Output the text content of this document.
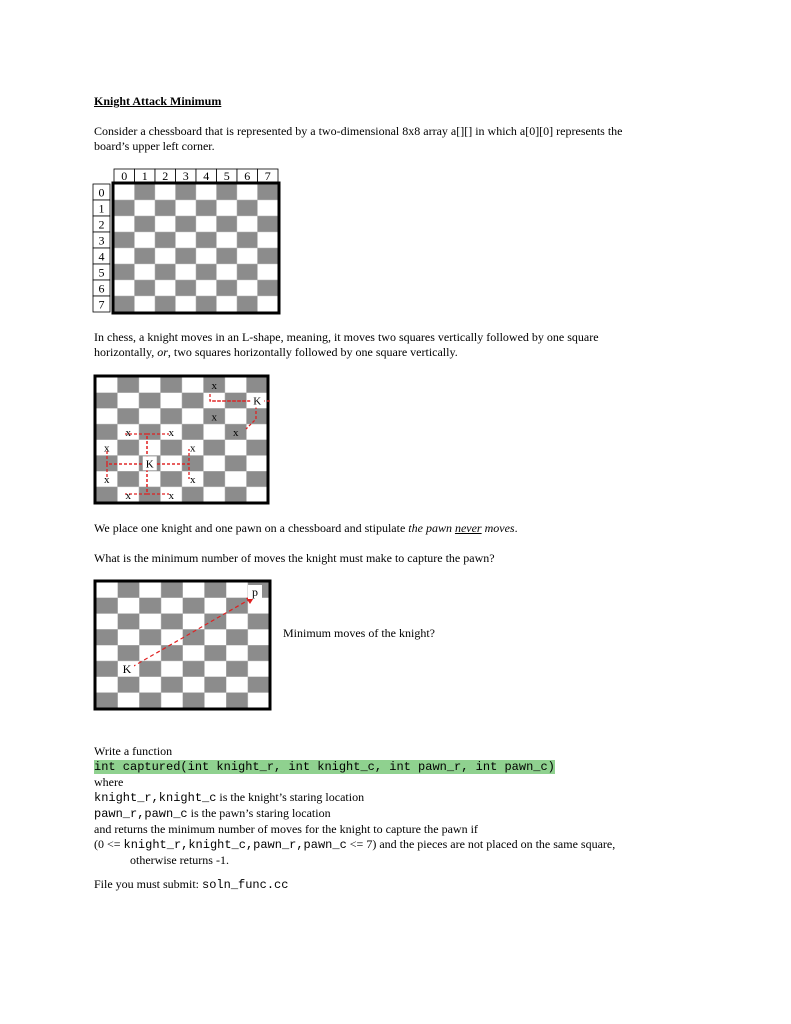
Knight Attack Minimum
Consider a chessboard that is represented by a two-dimensional 8x8 array a[][] in which a[0][0] represents the
board’s upper left corner.
0 1 2 3 4 5 6 7
0
1
2
3
4
5
6
7
In chess, a knight moves in an L-shape, meaning, it moves two squares vertically followed by one square
horizontally, or, two squares horizontally followed by one square vertically.
K
x
x
x
K
x	x
x	x
x
x
x
x
We place one knight and one pawn on a chessboard and stipulate the pawn never moves.
What is the minimum number of moves the knight must make to capture the pawn?
K
p
Minimum moves of the knight?
Write a function
int captured(int knight_r, int knight_c, int pawn_r, int pawn_c)
where
knight_r,knight_c is the knight’s staring location
pawn_r,pawn_c is the pawn’s staring location
and returns the minimum number of moves for the knight to capture the pawn if
(0 <= knight_r,knight_c,pawn_r,pawn_c <= 7) and the pieces are not placed on the same square,
otherwise returns -1.
File you must submit: soln_func.cc
